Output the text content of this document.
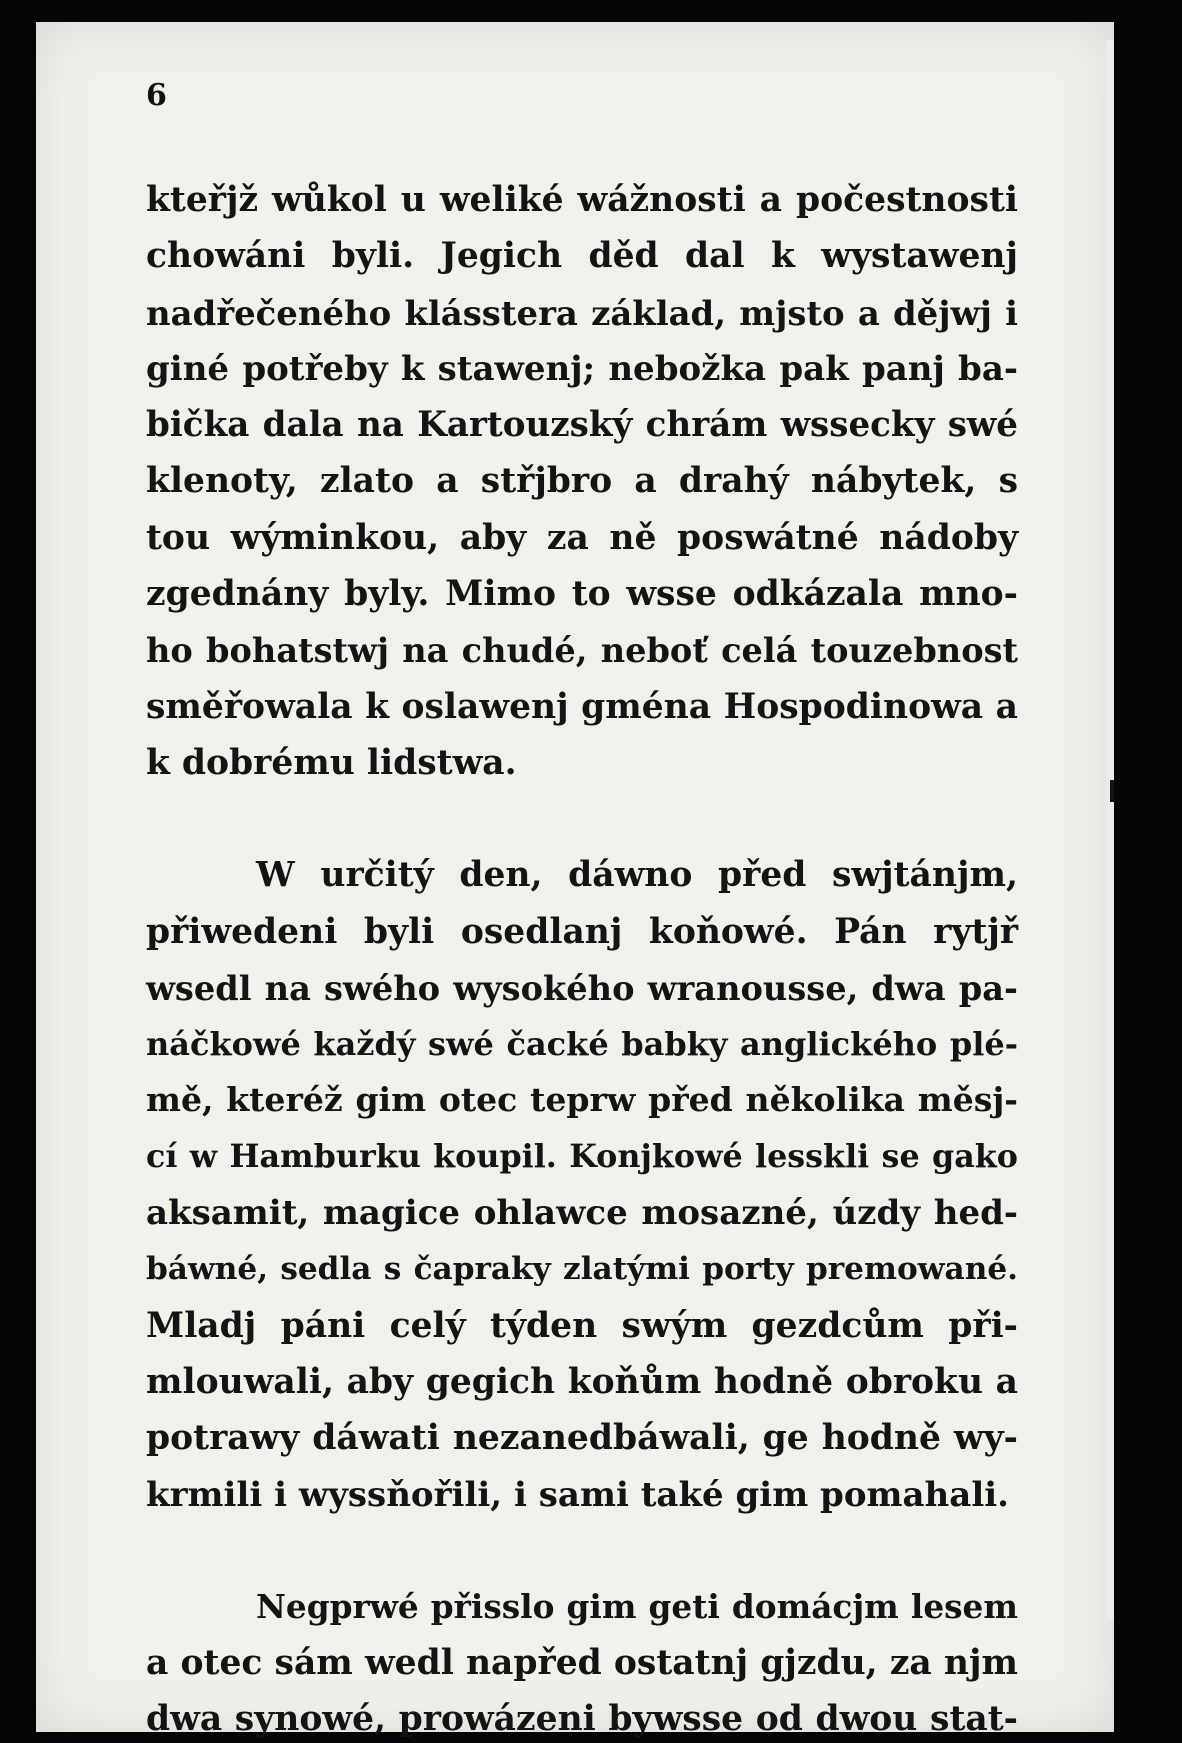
6
kteřjž wůkol u weliké wážnosti a počestnosti
chowáni byli. Jegich děd dal k wystawenj
nadřečeného klássterа základ, mjsto a dějwj i
giné potřeby k stawenj; nebožka pak panj ba-
bička dala na Kartouzský chrám wssecky swé
klenoty, zlato a střjbro a drahý nábytek, s
tou wýminkou, aby za ně poswátné nádoby
zgednány byly. Mimo to wsse odkázala mno-
ho bohatstwj na chudé, neboť celá touzebnost
směřowala k oslawenj gména Hospodinowa a
k dobrému lidstwa.
W určitý den, dáwno před swjtánjm,
přiwedeni byli osedlanj koňowé. Pán rytjř
wsedl na swého wysokého wranousse, dwa pa-
náčkowé každý swé čacké babky anglického plé-
mě, kteréž gim otec teprw před několika měsj-
cí w Hamburku koupil. Konjkowé lesskli se gako
aksamit, magice ohlawce mosazné, úzdy hed-
báwné, sedla s čapraky zlatými porty premowané.
Mladj páni celý týden swým gezdcům při-
mlouwali, aby gegich koňům hodně obroku a
potrawy dáwati nezanedbáwali, ge hodně wy-
krmili i wyssňořili, i sami také gim pomahali.
Negprwé přisslo gim geti domácjm lesem
a otec sám wedl napřed ostatnj gjzdu, za njm
dwa synowé, prowázeni bywsse od dwou stat-
